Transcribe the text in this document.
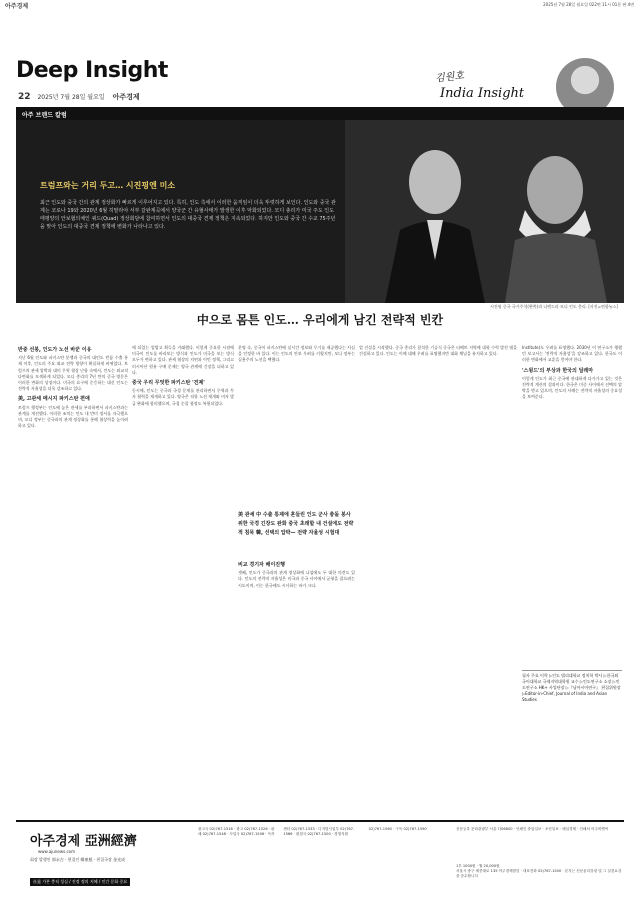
아주경제	2025년 7월 28일 월요일 022면 11시 01분 판 4면
Deep Insight
22 2025년 7월 28일 월요일 아주경제
김원호
India Insight
아주 브랜드 칼럼
트럼프와는 거리 두고… 시진핑엔 미소
최근 인도와 중국 간의 관계 정상화가 빠르게 이루어지고 있다. 특히, 인도 측에서 이러한 움직임이 더욱 뚜렷하게 보인다. 인도와 중국 관계는 코로나 19와 2020년 6월 히말라야 서부 갈완계곡에서 양국군 간 유혈사태가 발생한 이후 악화되었다. 모디 총리가 미국 주도 인도 태평양의 안보협의체인 쿼드(Quad) 정상회담에 참여하면서 인도의 대중국 견제 정책은 지속되었다. 하지만 인도와 중국 간 수교 75주년을 맞아 인도의 대중국 견제 정책에 변화가 나타나고 있다.
시진핑 중국 국가주석(왼쪽)과 나렌드라 모디 인도 총리. [사진=연합뉴스]
中으로 몸튼 인도… 우리에게 남긴 전략적 빈칸
반중 선봉, 인도가 노선 바꾼 이유

지난 6월 인도와 파키스탄 분쟁과 중국의 대인도 빈틈 수출 통제 이후, 인도의 주요 외교 전략 방향이 확실하게 바뀌었다. 트럼프의 관세 압박과 대미 무역 협상 난항 속에서, 인도는 외교적 다변화를 모색하게 되었다. 모디 총리의 7년 만의 중국 방문은 이러한 변화의 상징이다. 미국의 요구에 순응하는 대신 인도는 전략적 자율성을 더욱 강조하고 있다.

美, 고관세 메시지 파키스탄 편애

트럼프 행정부는 인도에 높은 관세를 부과하면서 파키스탄과는 관계를 개선했다. 이러한 조치는 인도 내 반미 정서를 자극했으며, 모디 정부는 중국과의 관계 정상화를 통해 협상력을 높이려 하고 있다.

에 되었는 업법고 획득을 거래했다. 이렇게 중요한 시점에 미국이 인도를 바라보는 방식과 인도가 미국을 보는 방식 모두가 변하고 있다. 관세 협상의 지연과 이민 정책, 그리고 러시아산 원유 구매 문제는 양국 관계에 긴장을 더하고 있다.

중국 우리 무엇한 파키스탄 '견제'

동시에, 인도는 중국과 국경 문제를 관리하면서 무역과 투자 협력을 재개하고 있다. 양국은 직항 노선 재개와 비자 발급 완화에 합의했으며, 국경 순찰 협정도 복원되었다.

분명 속, 중국이 파키스탄에 실시간 정보와 무기를 제공했다는 사실을 인정한 바 있다. 이는 인도의 안보 우려를 키웠지만, 모디 정부는 실용주의 노선을 택했다.

美 관세 中 수출 통제에 흔들린 인도 군사 충돌 봉사위한 국경 긴장도 완화 중국 초래할 내 건설에도 전략적 침묵 韓, 선택의 압박— 전략 자율성 시험대
비교 경기자 배이진행

셋째, 인도가 중국과의 관계 정상화에 나섬에도 두 대한 의견도 있다. 인도의 전략적 자율성은 미국과 중국 사이에서 균형을 잡으려는 시도이며, 이는 한국에도 시사하는 바가 크다.

업 건설을 시작했다. 중국 총리가 참석한 기공식 중국은 티베트 지역에 대형 수력 발전 댐을 건설하고 있다. 인도는 이에 대해 우려를 표명했지만 대화 채널을 유지하고 있다.

Institute)도 우려를 표명했다. 2030년 이 연구소가 행했던 보고서는 '전략적 자율성'을 강조하고 있다. 한국도 이러한 변화에서 교훈을 얻어야 한다.

'스윙드'의 부상과 한국의 딜레마

이렇게 인도가 최근 중국에 관대하게 다가가고 있는 것은 전략적 계산의 결과이다. 한국은 미중 사이에서 선택의 압박을 받고 있으며, 인도의 사례는 전략적 자율성의 중요성을 보여준다.

필자 주요 이력 ▷인도 델리대학교 정치학 박사 ▷한국외국어대학교 국제지역대학원 교수 ▷인도연구소 소장 ▷인도연구소 HK+ 사업단장 ▷『남아시아연구』 편집위원장 ▷Editor-in-Chief, Journal of India and Asian Studies
아주경제 亞洲經濟
www.ajunews.com
회장 발행인 郭永吉 · 편집인 韓東根 · 편집국장 金光成
社是 가본 충직 성실 / 진정 정의 지혜 / 인간 문화 중요
광고국 02)767-1516 · 광고 02)767-1526 · 판매 02)767-1548 · 사업국 02)767-1506 · 독자센터 02)767-1533 · 디지털사업부 02)767-1566 · 편집국 02)767-1500 · 경영지원 02)767-1560 · 구독 02)767-1590	신문등록 문화관광부 서울 다06800 · 인쇄인 중앙일보 · 조선일보 · 매일경제 · 인쇄처 아주비엔씨
1부 1000원 · 월 20,000원
서울시 중구 세종대로 135 아주경제빌딩 · 대표전화 02)767-1500 · 본지는 신문윤리강령 및 그 실천요강을 준수합니다
